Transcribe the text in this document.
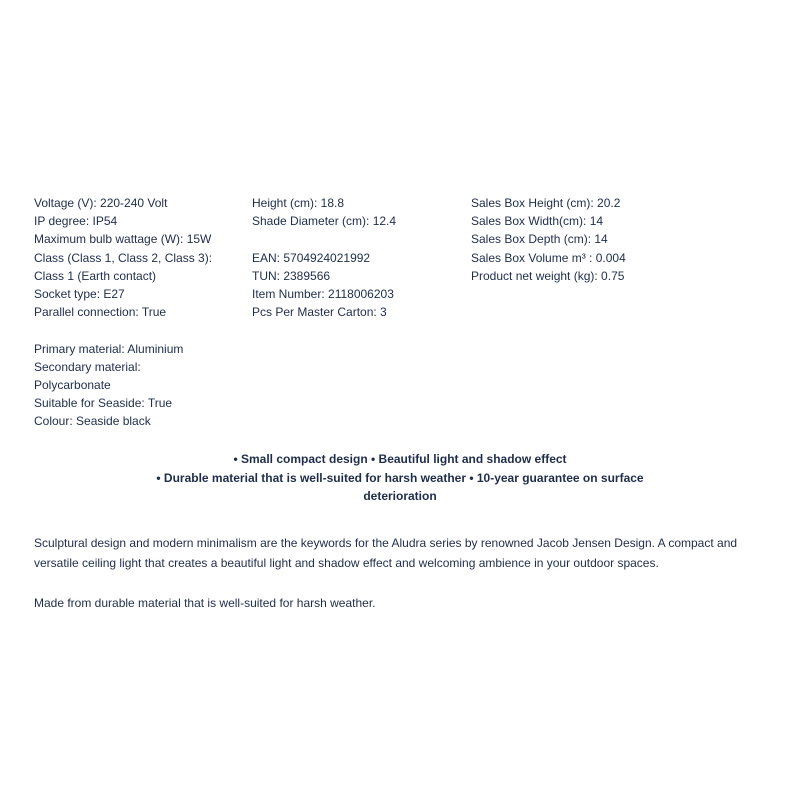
Voltage (V): 220-240 Volt
IP degree: IP54
Maximum bulb wattage (W): 15W
Class (Class 1, Class 2, Class 3):
Class 1 (Earth contact)
Socket type: E27
Parallel connection: True
Primary material: Aluminium
Secondary material:
Polycarbonate
Suitable for Seaside: True
Colour: Seaside black
Height (cm): 18.8
Shade Diameter (cm): 12.4
EAN: 5704924021992
TUN: 2389566
Item Number: 2118006203
Pcs Per Master Carton: 3
Sales Box Height (cm): 20.2
Sales Box Width(cm): 14
Sales Box Depth (cm): 14
Sales Box Volume m³ : 0.004
Product net weight (kg): 0.75
• Small compact design • Beautiful light and shadow effect
• Durable material that is well-suited for harsh weather • 10-year guarantee on surface
deterioration

Sculptural design and modern minimalism are the keywords for the Aludra series by renowned Jacob Jensen Design. A compact and versatile ceiling light that creates a beautiful light and shadow effect and welcoming ambience in your outdoor spaces.

Made from durable material that is well-suited for harsh weather.
